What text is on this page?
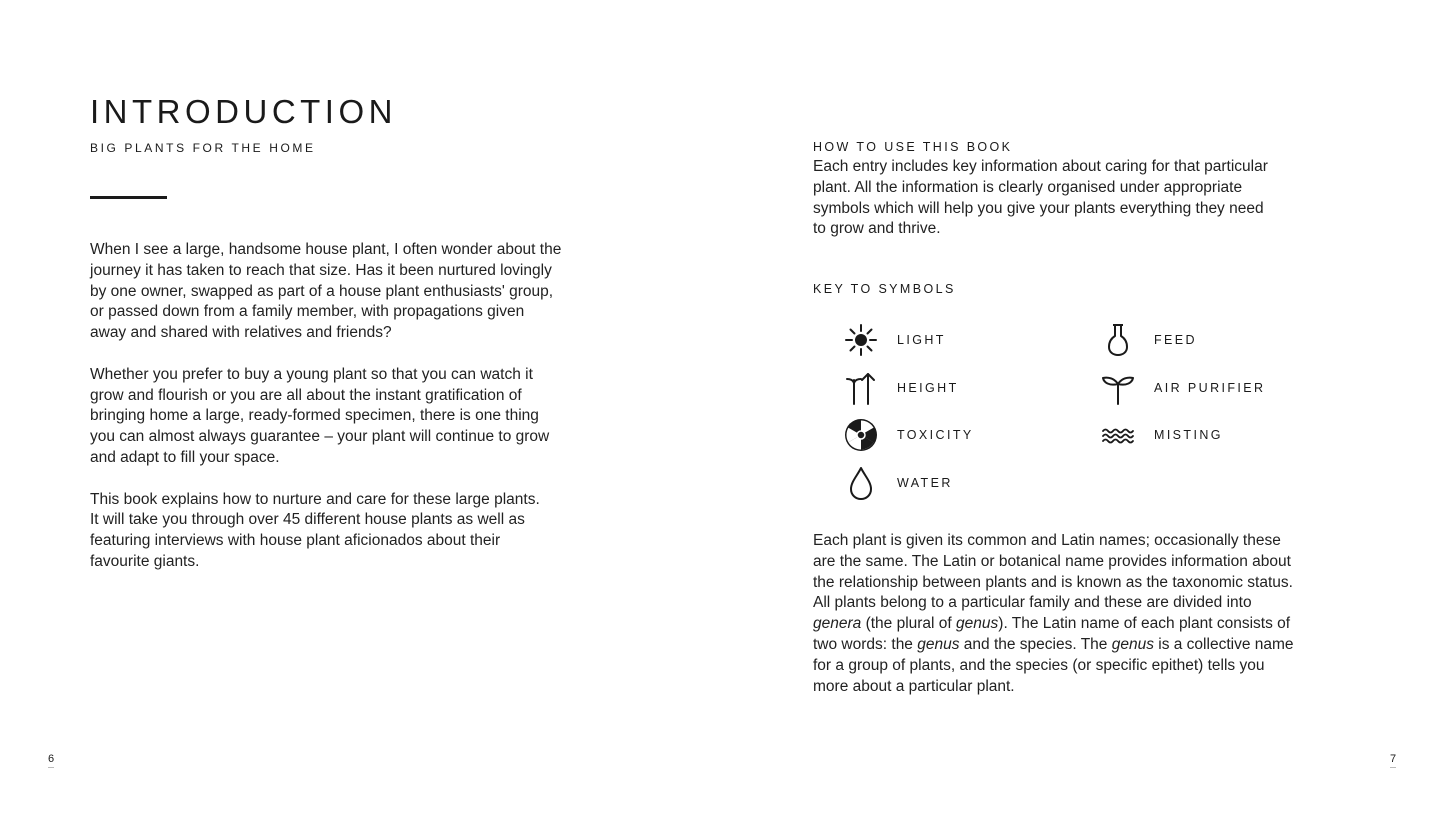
INTRODUCTION
BIG PLANTS FOR THE HOME

When I see a large, handsome house plant, I often wonder about the
journey it has taken to reach that size. Has it been nurtured lovingly
by one owner, swapped as part of a house plant enthusiasts' group,
or passed down from a family member, with propagations given
away and shared with relatives and friends?

Whether you prefer to buy a young plant so that you can watch it
grow and flourish or you are all about the instant gratification of
bringing home a large, ready-formed specimen, there is one thing
you can almost always guarantee – your plant will continue to grow
and adapt to fill your space.

This book explains how to nurture and care for these large plants.
It will take you through over 45 different house plants as well as
featuring interviews with house plant aficionados about their
favourite giants.

6
HOW TO USE THIS BOOK

Each entry includes key information about caring for that particular
plant. All the information is clearly organised under appropriate
symbols which will help you give your plants everything they need
to grow and thrive.

KEY TO SYMBOLS
LIGHT	FEED
HEIGHT	AIR PURIFIER
TOXICITY	MISTING
WATER
Each plant is given its common and Latin names; occasionally these
are the same. The Latin or botanical name provides information about
the relationship between plants and is known as the taxonomic status.
All plants belong to a particular family and these are divided into
genera (the plural of genus). The Latin name of each plant consists of
two words: the genus and the species. The genus is a collective name
for a group of plants, and the species (or specific epithet) tells you
more about a particular plant.
7
